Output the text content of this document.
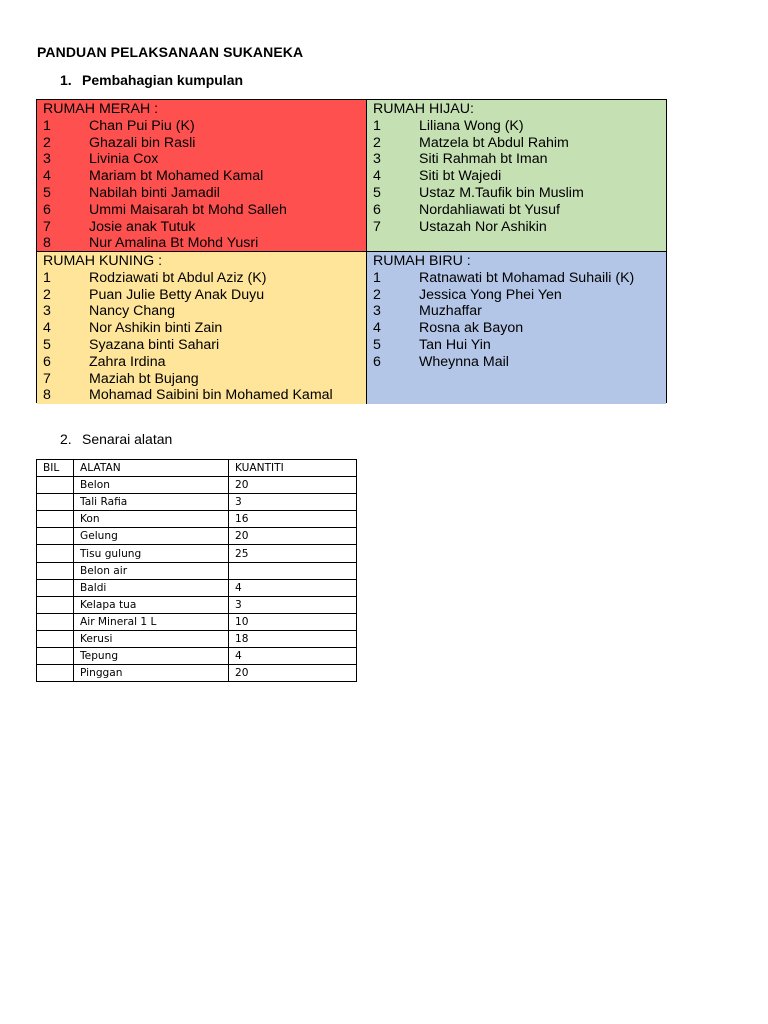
PANDUAN PELAKSANAAN SUKANEKA
1. Pembahagian kumpulan
RUMAH MERAH :
1	Chan Pui Piu (K)
2	Ghazali bin Rasli
3	Livinia Cox
4	Mariam bt Mohamed Kamal
5	Nabilah binti Jamadil
6	Ummi Maisarah bt Mohd Salleh
7	Josie anak Tutuk
8	Nur Amalina Bt Mohd Yusri
RUMAH HIJAU:
1	Liliana Wong (K)
2	Matzela bt Abdul Rahim
3	Siti Rahmah bt Iman
4	Siti bt Wajedi
5	Ustaz M.Taufik bin Muslim
6	Nordahliawati bt Yusuf
7	Ustazah Nor Ashikin
RUMAH KUNING :
1	Rodziawati bt Abdul Aziz (K)
2	Puan Julie Betty Anak Duyu
3	Nancy Chang
4	Nor Ashikin binti Zain
5	Syazana binti Sahari
6	Zahra Irdina
7	Maziah bt Bujang
8	Mohamad Saibini bin Mohamed Kamal
RUMAH BIRU :
1	Ratnawati bt Mohamad Suhaili (K)
2	Jessica Yong Phei Yen
3	Muzhaffar
4	Rosna ak Bayon
5	Tan Hui Yin
6	Wheynna Mail
2. Senarai alatan
BIL	ALATAN	KUANTITI
	Belon	20
	Tali Rafia	3
	Kon	16
	Gelung	20
	Tisu gulung	25
	Belon air	
	Baldi	4
	Kelapa tua	3
	Air Mineral 1 L	10
	Kerusi	18
	Tepung	4
	Pinggan	20
